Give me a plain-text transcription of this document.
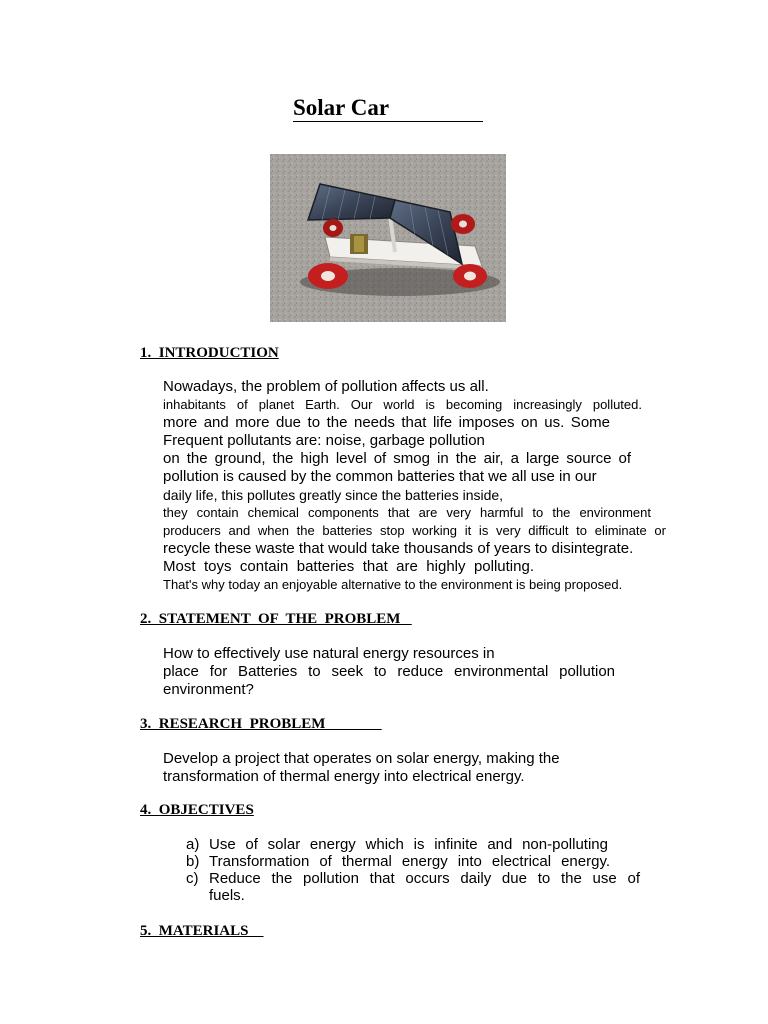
Solar Car
1.  INTRODUCTION
Nowadays, the problem of pollution affects us all.
inhabitants of planet Earth. Our world is becoming increasingly polluted.
more and more due to the needs that life imposes on us. Some
Frequent pollutants are: noise, garbage pollution
on the ground, the high level of smog in the air, a large source of
pollution is caused by the common batteries that we all use in our
daily life, this pollutes greatly since the batteries inside,
they contain chemical components that are very harmful to the environment
producers and when the batteries stop working it is very difficult to eliminate or
recycle these waste that would take thousands of years to disintegrate.
Most toys contain batteries that are highly polluting.
That's why today an enjoyable alternative to the environment is being proposed.
2.  STATEMENT  OF  THE  PROBLEM
How to effectively use natural energy resources in
place for Batteries to seek to reduce environmental pollution
environment?
3.  RESEARCH  PROBLEM
Develop a project that operates on solar energy, making the
transformation of thermal energy into electrical energy.
4.  OBJECTIVES
a) Use of solar energy which is infinite and non-polluting
b) Transformation of thermal energy into electrical energy.
c) Reduce the pollution that occurs daily due to the use of
fuels.
5.  MATERIALS
